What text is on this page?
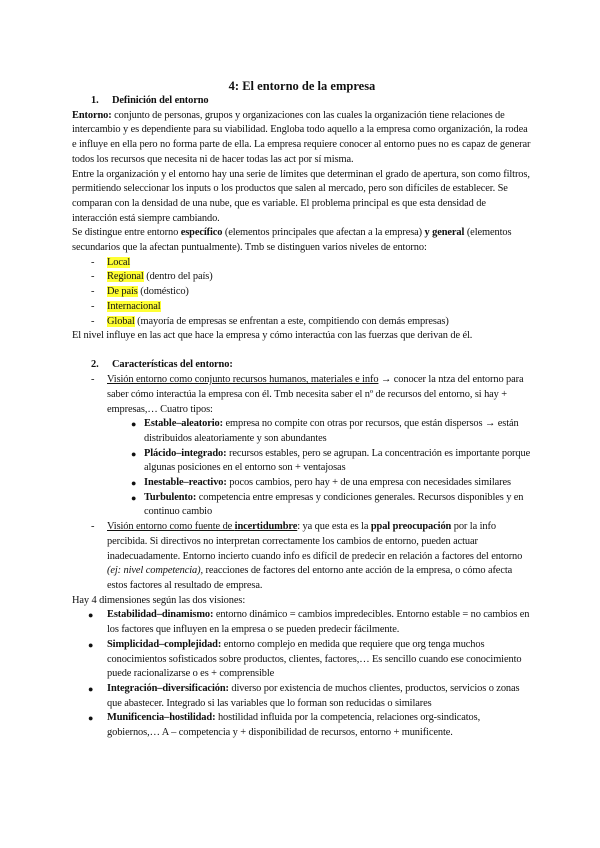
4: El entorno de la empresa
1. Definición del entorno

Entorno: conjunto de personas, grupos y organizaciones con las cuales la organización tiene relaciones de intercambio y es dependiente para su viabilidad. Engloba todo aquello a la empresa como organización, la rodea e influye en ella pero no forma parte de ella. La empresa requiere conocer al entorno pues no es capaz de generar todos los recursos que necesita ni de hacer todas las act por sí misma.

Entre la organización y el entorno hay una serie de límites que determinan el grado de apertura, son como filtros, permitiendo seleccionar los inputs o los productos que salen al mercado, pero son difíciles de establecer. Se comparan con la densidad de una nube, que es variable. El problema principal es que esta densidad de interacción está siempre cambiando.

Se distingue entre entorno específico (elementos principales que afectan a la empresa) y general (elementos secundarios que la afectan puntualmente). Tmb se distinguen varios niveles de entorno:

- Local
- Regional (dentro del país)
- De país (doméstico)
- Internacional
- Global (mayoría de empresas se enfrentan a este, compitiendo con demás empresas)

El nivel influye en las act que hace la empresa y cómo interactúa con las fuerzas que derivan de él.

2. Características del entorno:
- Visión entorno como conjunto recursos humanos, materiales e info → conocer la ntza del entorno para saber cómo interactúa la empresa con él. Tmb necesita saber el nº de recursos del entorno, si hay + empresas,… Cuatro tipos:
● Estable–aleatorio: empresa no compite con otras por recursos, que están dispersos → están distribuidos aleatoriamente y son abundantes
● Plácido–integrado: recursos estables, pero se agrupan. La concentración es importante porque algunas posiciones en el entorno son + ventajosas
● Inestable–reactivo: pocos cambios, pero hay + de una empresa con necesidades similares
● Turbulento: competencia entre empresas y condiciones generales. Recursos disponibles y en continuo cambio
- Visión entorno como fuente de incertidumbre: ya que esta es la ppal preocupación por la info percibida. Si directivos no interpretan correctamente los cambios de entorno, pueden actuar inadecuadamente. Entorno incierto cuando info es difícil de predecir en relación a factores del entorno (ej: nivel competencia), reacciones de factores del entorno ante acción de la empresa, o cómo afecta estos factores al resultado de empresa.

Hay 4 dimensiones según las dos visiones:

● Estabilidad–dinamismo: entorno dinámico = cambios impredecibles. Entorno estable = no cambios en los factores que influyen en la empresa o se pueden predecir fácilmente.
● Simplicidad–complejidad: entorno complejo en medida que requiere que org tenga muchos conocimientos sofisticados sobre productos, clientes, factores,… Es sencillo cuando ese conocimiento puede racionalizarse o es + comprensible
● Integración–diversificación: diverso por existencia de muchos clientes, productos, servicios o zonas que abastecer. Integrado si las variables que lo forman son reducidas o similares
● Munificencia–hostilidad: hostilidad influida por la competencia, relaciones org-sindicatos, gobiernos,… A – competencia y + disponibilidad de recursos, entorno + munificente.
